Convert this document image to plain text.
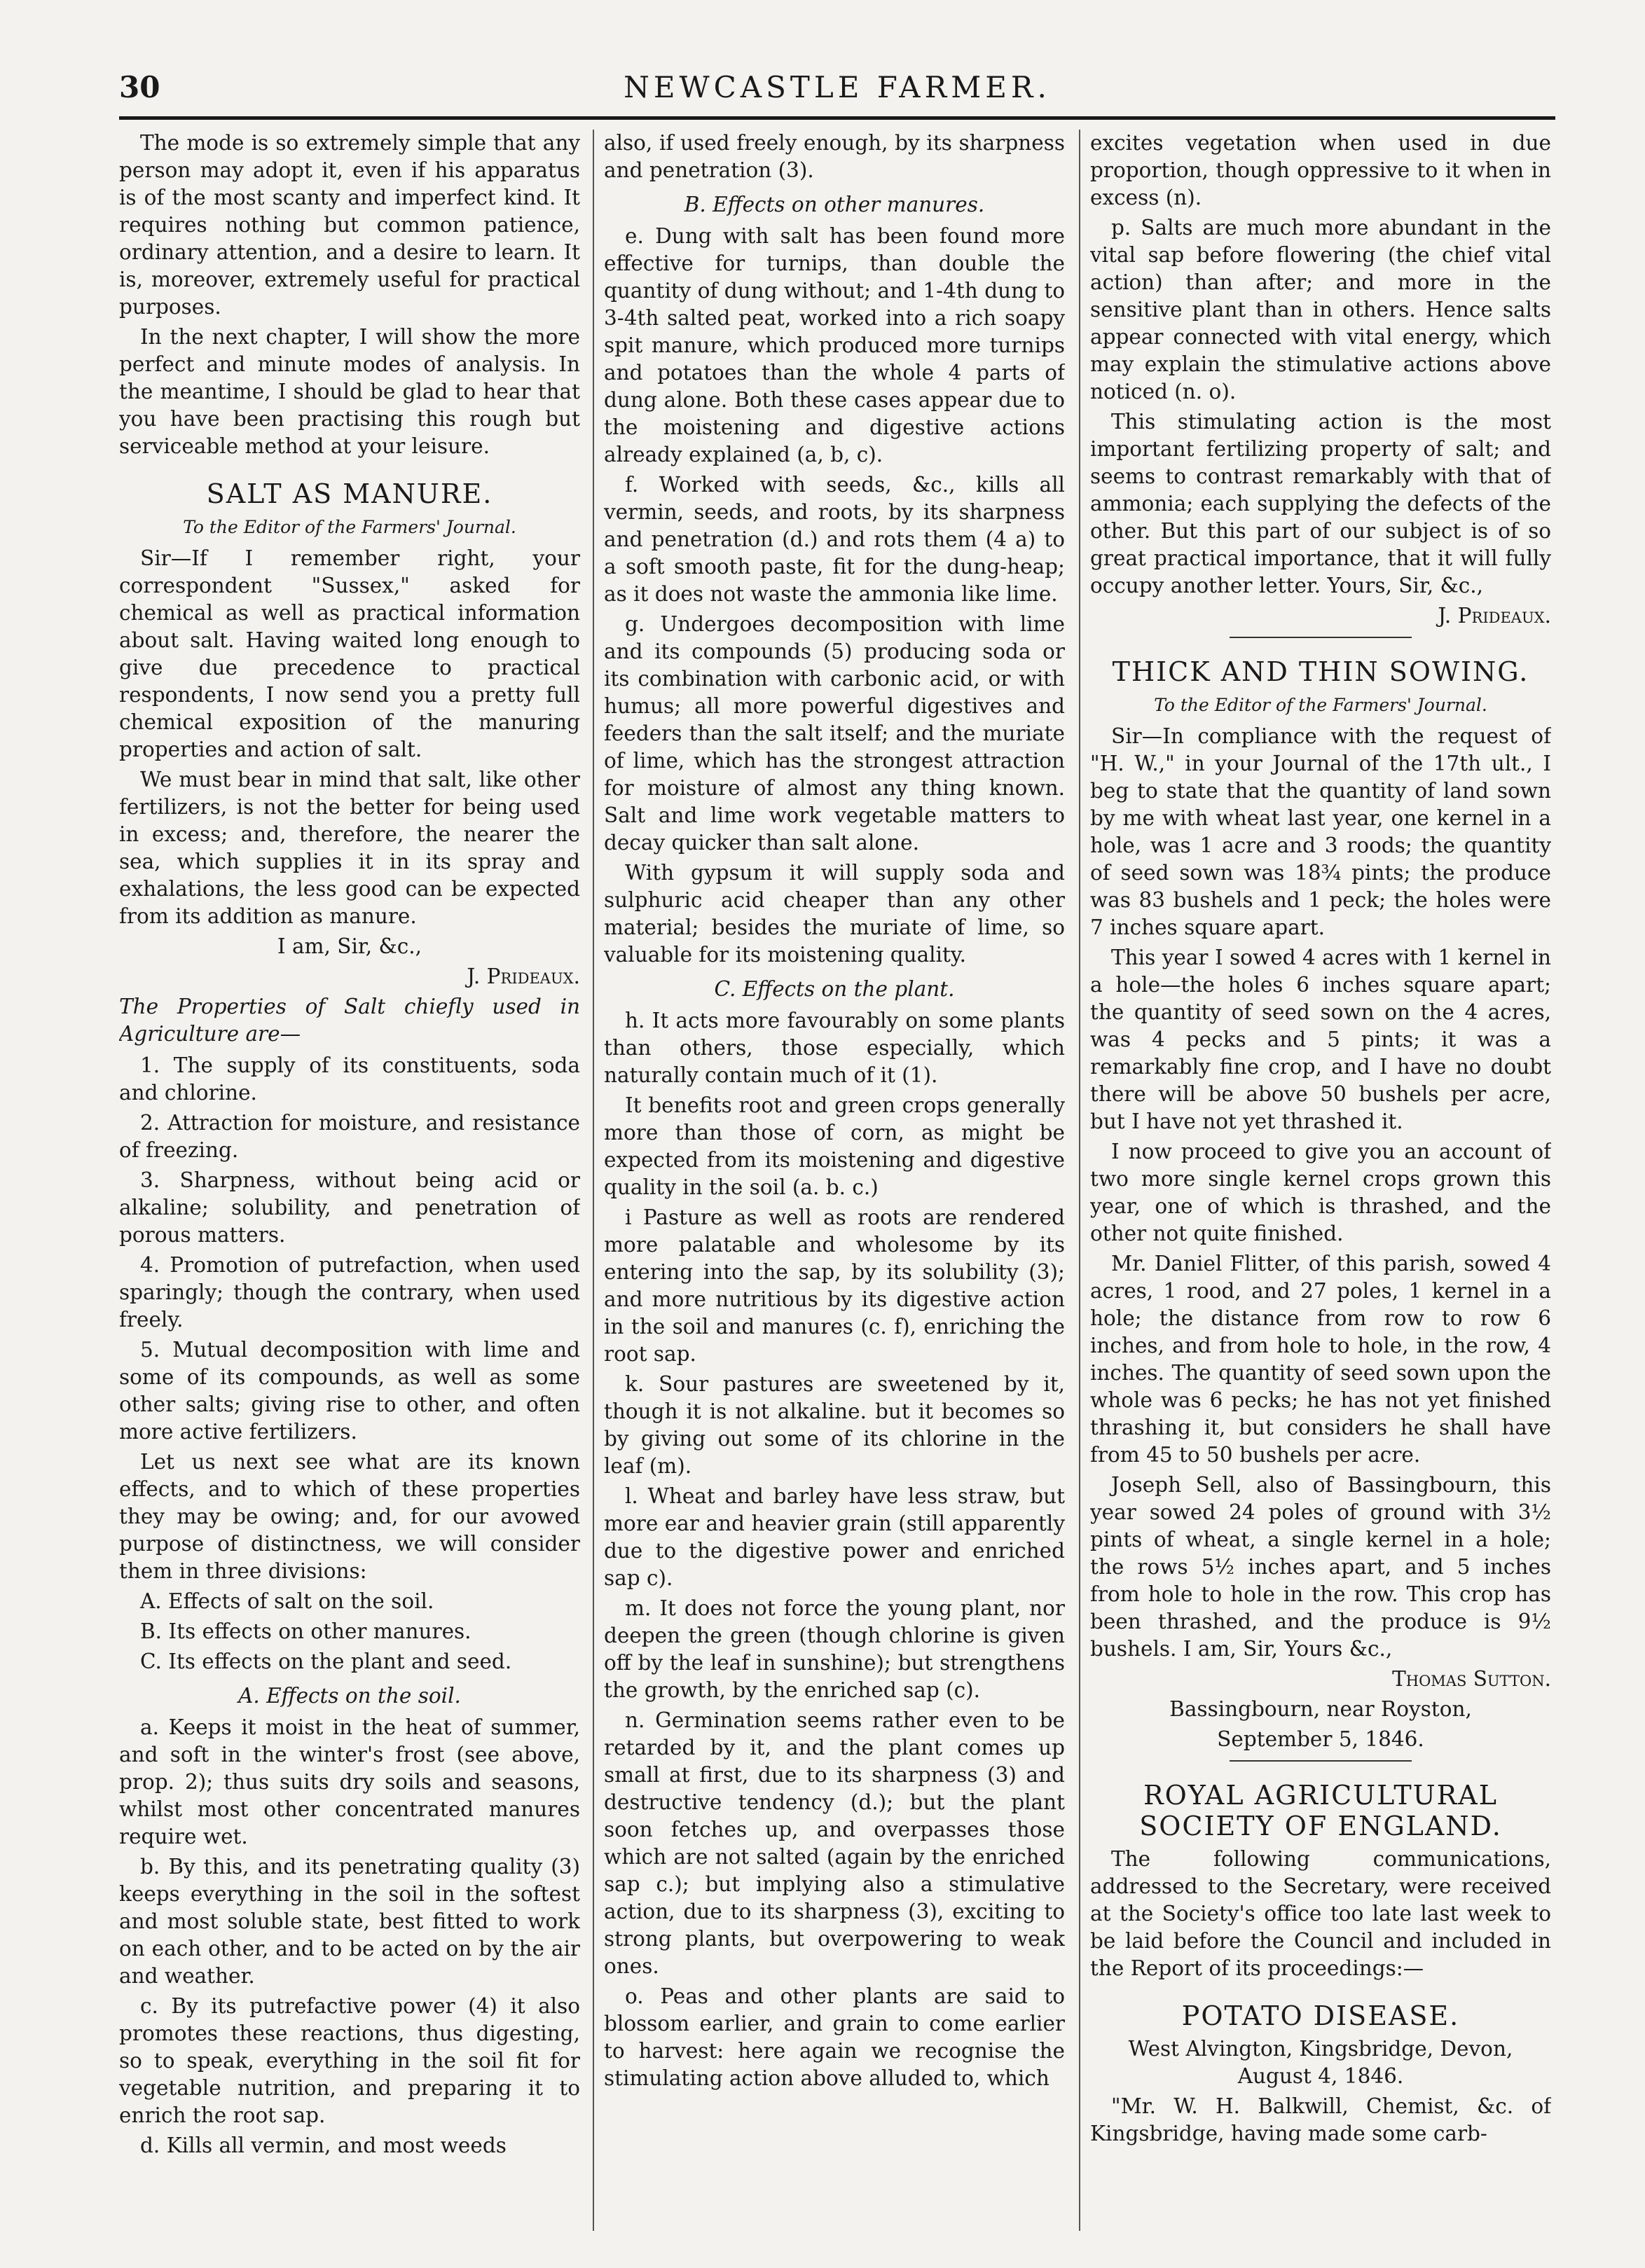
30	NEWCASTLE FARMER.

The mode is so extremely simple that any person may adopt it, even if his apparatus is of the most scanty and imperfect kind. It requires nothing but common patience, ordinary attention, and a desire to learn. It is, moreover, extremely useful for practical purposes.

In the next chapter, I will show the more perfect and minute modes of analysis. In the meantime, I should be glad to hear that you have been practising this rough but serviceable method at your leisure.

SALT AS MANURE.

To the Editor of the Farmers' Journal.

Sir—If I remember right, your correspondent "Sussex," asked for chemical as well as practical information about salt. Having waited long enough to give due precedence to practical respondents, I now send you a pretty full chemical exposition of the manuring properties and action of salt.

We must bear in mind that salt, like other fertilizers, is not the better for being used in excess; and, therefore, the nearer the sea, which supplies it in its spray and exhalations, the less good can be expected from its addition as manure.

I am, Sir, &c.,

J. Prideaux.

The Properties of Salt chiefly used in Agriculture are—

1. The supply of its constituents, soda and chlorine.
2. Attraction for moisture, and resistance of freezing.
3. Sharpness, without being acid or alkaline; solubility, and penetration of porous matters.
4. Promotion of putrefaction, when used sparingly; though the contrary, when used freely.
5. Mutual decomposition with lime and some of its compounds, as well as some other salts; giving rise to other, and often more active fertilizers.

Let us next see what are its known effects, and to which of these properties they may be owing; and, for our avowed purpose of distinctness, we will consider them in three divisions:

A. Effects of salt on the soil.
B. Its effects on other manures.
C. Its effects on the plant and seed.

A. Effects on the soil.

a. Keeps it moist in the heat of summer, and soft in the winter's frost (see above, prop. 2); thus suits dry soils and seasons, whilst most other concentrated manures require wet.

b. By this, and its penetrating quality (3) keeps everything in the soil in the softest and most soluble state, best fitted to work on each other, and to be acted on by the air and weather.

c. By its putrefactive power (4) it also promotes these reactions, thus digesting, so to speak, everything in the soil fit for vegetable nutrition, and preparing it to enrich the root sap.

d. Kills all vermin, and most weeds

also, if used freely enough, by its sharpness and penetration (3).

B. Effects on other manures.

e. Dung with salt has been found more effective for turnips, than double the quantity of dung without; and 1-4th dung to 3-4th salted peat, worked into a rich soapy spit manure, which produced more turnips and potatoes than the whole 4 parts of dung alone. Both these cases appear due to the moistening and digestive actions already explained (a, b, c).

f. Worked with seeds, &c., kills all vermin, seeds, and roots, by its sharpness and penetration (d.) and rots them (4 a) to a soft smooth paste, fit for the dung-heap; as it does not waste the ammonia like lime.

g. Undergoes decomposition with lime and its compounds (5) producing soda or its combination with carbonic acid, or with humus; all more powerful digestives and feeders than the salt itself; and the muriate of lime, which has the strongest attraction for moisture of almost any thing known. Salt and lime work vegetable matters to decay quicker than salt alone.

With gypsum it will supply soda and sulphuric acid cheaper than any other material; besides the muriate of lime, so valuable for its moistening quality.

C. Effects on the plant.

h. It acts more favourably on some plants than others, those especially, which naturally contain much of it (1).

It benefits root and green crops generally more than those of corn, as might be expected from its moistening and digestive quality in the soil (a. b. c.)

i Pasture as well as roots are rendered more palatable and wholesome by its entering into the sap, by its solubility (3); and more nutritious by its digestive action in the soil and manures (c. f), enriching the root sap.

k. Sour pastures are sweetened by it, though it is not alkaline. but it becomes so by giving out some of its chlorine in the leaf (m).

l. Wheat and barley have less straw, but more ear and heavier grain (still apparently due to the digestive power and enriched sap c).

m. It does not force the young plant, nor deepen the green (though chlorine is given off by the leaf in sunshine); but strengthens the growth, by the enriched sap (c).

n. Germination seems rather even to be retarded by it, and the plant comes up small at first, due to its sharpness (3) and destructive tendency (d.); but the plant soon fetches up, and overpasses those which are not salted (again by the enriched sap c.); but implying also a stimulative action, due to its sharpness (3), exciting to strong plants, but overpowering to weak ones.

o. Peas and other plants are said to blossom earlier, and grain to come earlier to harvest: here again we recognise the stimulating action above alluded to, which

excites vegetation when used in due proportion, though oppressive to it when in excess (n).

p. Salts are much more abundant in the vital sap before flowering (the chief vital action) than after; and more in the sensitive plant than in others. Hence salts appear connected with vital energy, which may explain the stimulative actions above noticed (n. o).

This stimulating action is the most important fertilizing property of salt; and seems to contrast remarkably with that of ammonia; each supplying the defects of the other. But this part of our subject is of so great practical importance, that it will fully occupy another letter. Yours, Sir, &c.,

J. Prideaux.

THICK AND THIN SOWING.

To the Editor of the Farmers' Journal.

Sir—In compliance with the request of "H. W.," in your Journal of the 17th ult., I beg to state that the quantity of land sown by me with wheat last year, one kernel in a hole, was 1 acre and 3 roods; the quantity of seed sown was 18¾ pints; the produce was 83 bushels and 1 peck; the holes were 7 inches square apart.

This year I sowed 4 acres with 1 kernel in a hole—the holes 6 inches square apart; the quantity of seed sown on the 4 acres, was 4 pecks and 5 pints; it was a remarkably fine crop, and I have no doubt there will be above 50 bushels per acre, but I have not yet thrashed it.

I now proceed to give you an account of two more single kernel crops grown this year, one of which is thrashed, and the other not quite finished.

Mr. Daniel Flitter, of this parish, sowed 4 acres, 1 rood, and 27 poles, 1 kernel in a hole; the distance from row to row 6 inches, and from hole to hole, in the row, 4 inches. The quantity of seed sown upon the whole was 6 pecks; he has not yet finished thrashing it, but considers he shall have from 45 to 50 bushels per acre.

Joseph Sell, also of Bassingbourn, this year sowed 24 poles of ground with 3½ pints of wheat, a single kernel in a hole; the rows 5½ inches apart, and 5 inches from hole to hole in the row. This crop has been thrashed, and the produce is 9½ bushels. I am, Sir, Yours &c.,

Thomas Sutton.

Bassingbourn, near Royston,

September 5, 1846.

ROYAL AGRICULTURAL SOCIETY OF ENGLAND.

The following communications, addressed to the Secretary, were received at the Society's office too late last week to be laid before the Council and included in the Report of its proceedings:—

POTATO DISEASE.

West Alvington, Kingsbridge, Devon, August 4, 1846.

"Mr. W. H. Balkwill, Chemist, &c. of Kingsbridge, having made some carb-
